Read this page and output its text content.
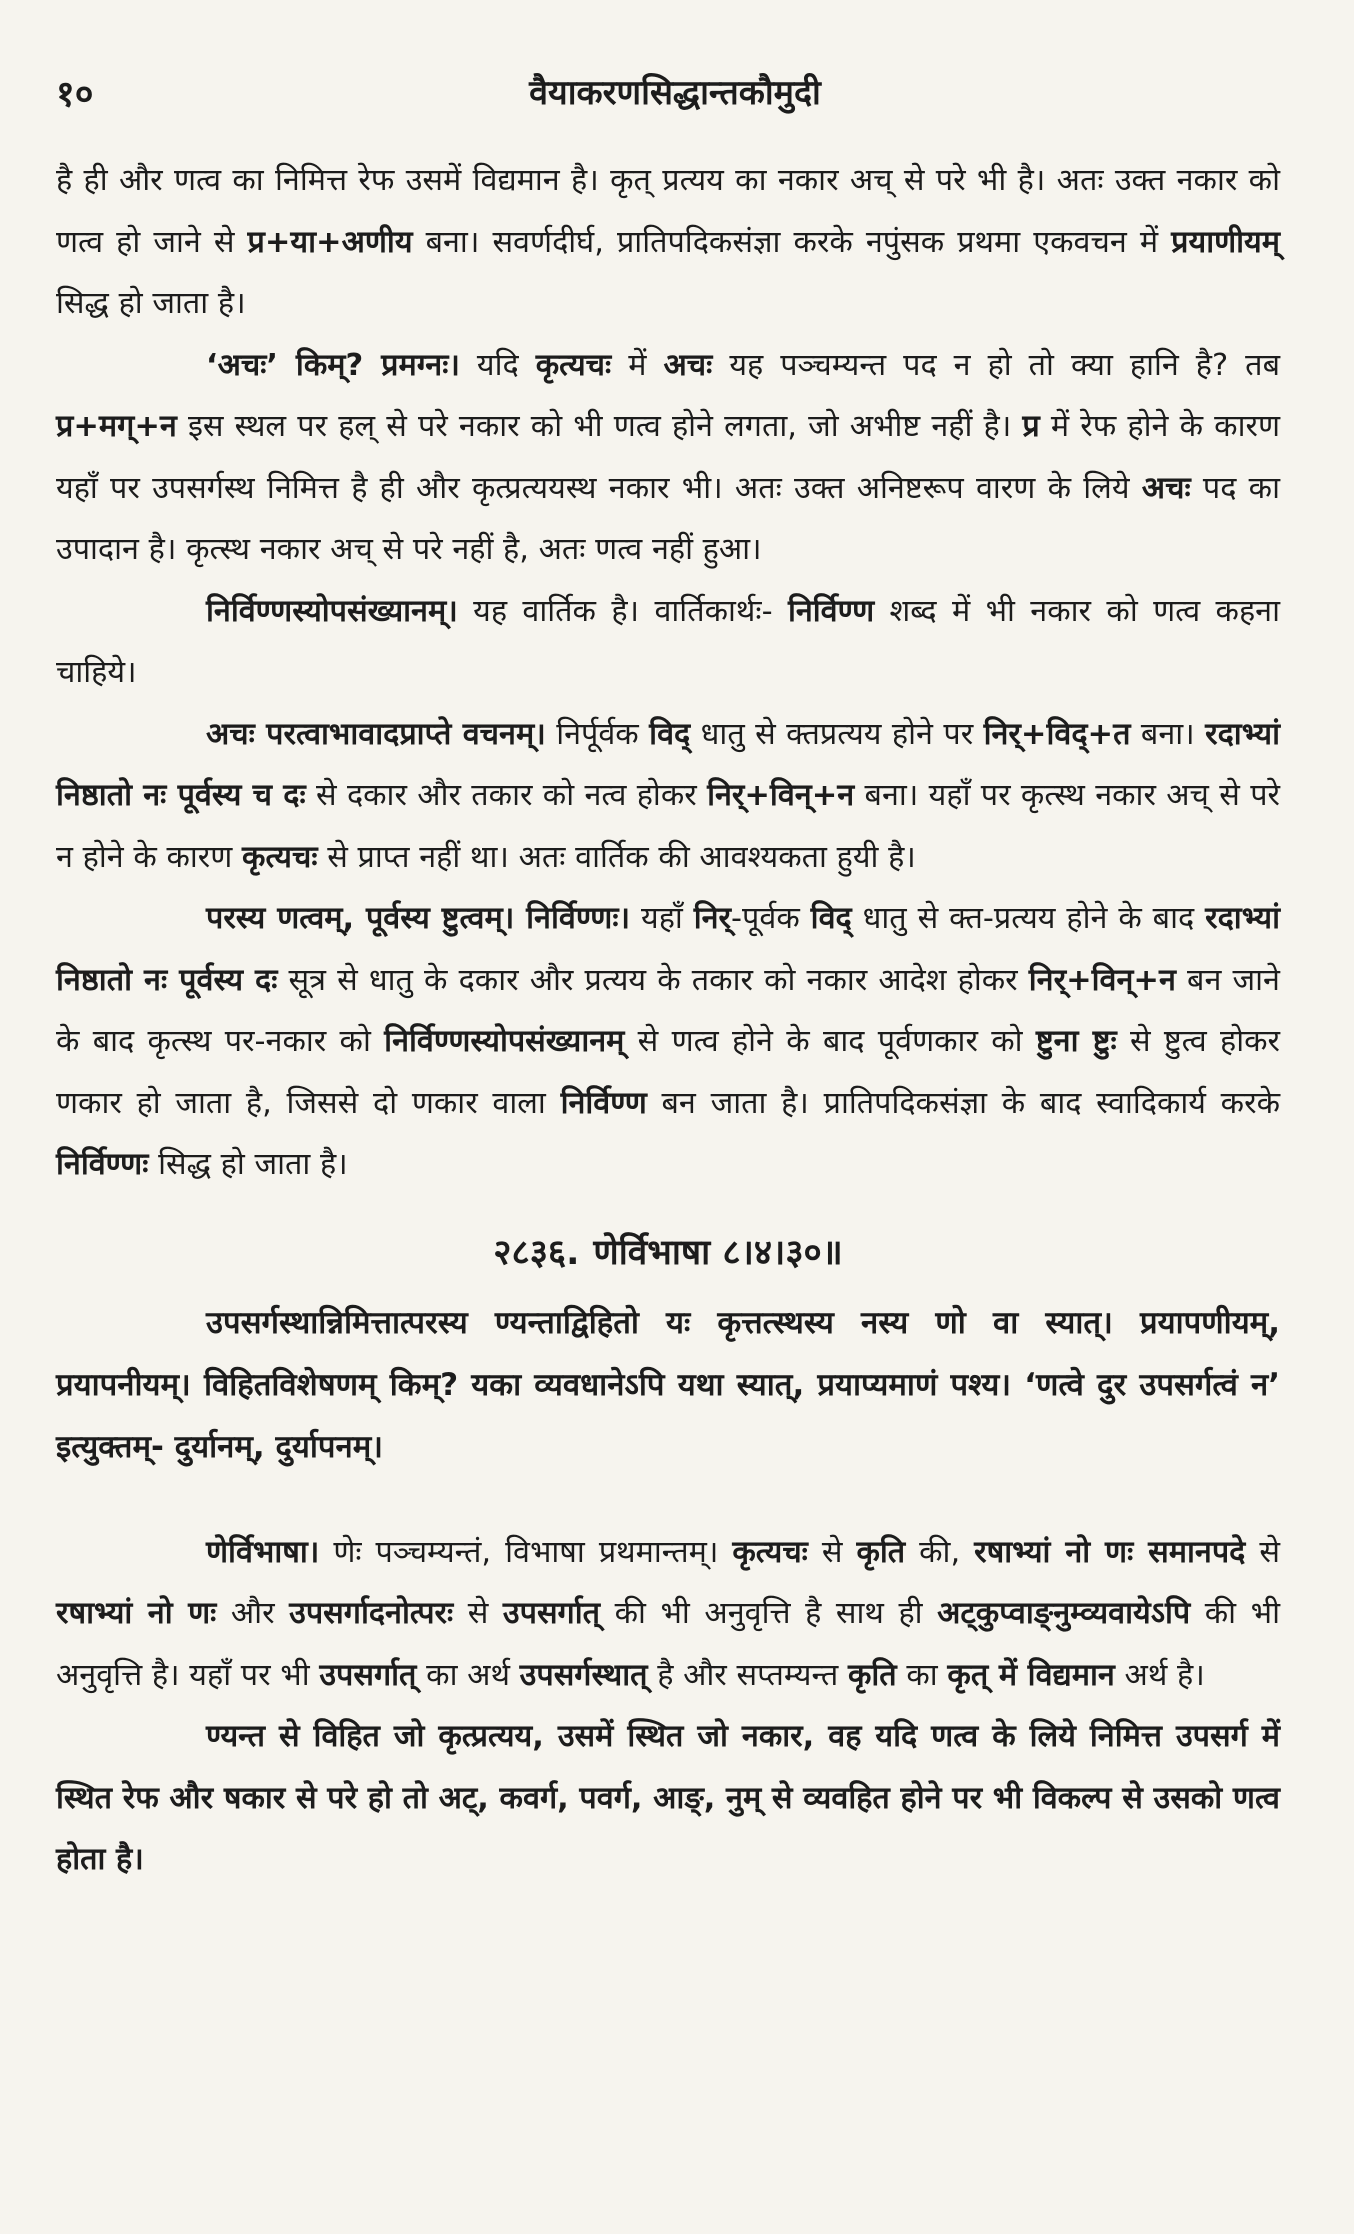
१०	वैयाकरणसिद्धान्तकौमुदी

है ही और णत्व का निमित्त रेफ उसमें विद्यमान है। कृत् प्रत्यय का नकार अच् से परे भी है। अतः उक्त नकार को णत्व हो जाने से प्र+या+अणीय बना। सवर्णदीर्घ, प्रातिपदिकसंज्ञा करके नपुंसक प्रथमा एकवचन में प्रयाणीयम् सिद्ध हो जाता है।

‘अचः’ किम्? प्रमग्नः। यदि कृत्यचः में अचः यह पञ्चम्यन्त पद न हो तो क्या हानि है? तब प्र+मग्+न इस स्थल पर हल् से परे नकार को भी णत्व होने लगता, जो अभीष्ट नहीं है। प्र में रेफ होने के कारण यहाँ पर उपसर्गस्थ निमित्त है ही और कृत्प्रत्ययस्थ नकार भी। अतः उक्त अनिष्टरूप वारण के लिये अचः पद का उपादान है। कृत्स्थ नकार अच् से परे नहीं है, अतः णत्व नहीं हुआ।

निर्विण्णस्योपसंख्यानम्। यह वार्तिक है। वार्तिकार्थः- निर्विण्ण शब्द में भी नकार को णत्व कहना चाहिये।

अचः परत्वाभावादप्राप्ते वचनम्। निर्पूर्वक विद् धातु से क्तप्रत्यय होने पर निर्+विद्+त बना। रदाभ्यां निष्ठातो नः पूर्वस्य च दः से दकार और तकार को नत्व होकर निर्+विन्+न बना। यहाँ पर कृत्स्थ नकार अच् से परे न होने के कारण कृत्यचः से प्राप्त नहीं था। अतः वार्तिक की आवश्यकता हुयी है।

परस्य णत्वम्, पूर्वस्य ष्टुत्वम्। निर्विण्णः। यहाँ निर्-पूर्वक विद् धातु से क्त-प्रत्यय होने के बाद रदाभ्यां निष्ठातो नः पूर्वस्य दः सूत्र से धातु के दकार और प्रत्यय के तकार को नकार आदेश होकर निर्+विन्+न बन जाने के बाद कृत्स्थ पर-नकार को निर्विण्णस्योपसंख्यानम् से णत्व होने के बाद पूर्वणकार को ष्टुना ष्टुः से ष्टुत्व होकर णकार हो जाता है, जिससे दो णकार वाला निर्विण्ण बन जाता है। प्रातिपदिकसंज्ञा के बाद स्वादिकार्य करके निर्विण्णः सिद्ध हो जाता है।

२८३६. णेर्विभाषा ८।४।३०॥

उपसर्गस्थान्निमित्तात्परस्य ण्यन्ताद्विहितो यः कृत्तत्स्थस्य नस्य णो वा स्यात्। प्रयापणीयम्, प्रयापनीयम्। विहितविशेषणम् किम्? यका व्यवधानेऽपि यथा स्यात्, प्रयाप्यमाणं पश्य। ‘णत्वे दुर उपसर्गत्वं न’ इत्युक्तम्- दुर्यानम्, दुर्यापनम्।

णेर्विभाषा। णेः पञ्चम्यन्तं, विभाषा प्रथमान्तम्। कृत्यचः से कृति की, रषाभ्यां नो णः समानपदे से रषाभ्यां नो णः और उपसर्गादनोत्परः से उपसर्गात् की भी अनुवृत्ति है साथ ही अट्कुप्वाङ्नुम्व्यवायेऽपि की भी अनुवृत्ति है। यहाँ पर भी उपसर्गात् का अर्थ उपसर्गस्थात् है और सप्तम्यन्त कृति का कृत् में विद्यमान अर्थ है।

ण्यन्त से विहित जो कृत्प्रत्यय, उसमें स्थित जो नकार, वह यदि णत्व के लिये निमित्त उपसर्ग में स्थित रेफ और षकार से परे हो तो अट्, कवर्ग, पवर्ग, आङ्, नुम् से व्यवहित होने पर भी विकल्प से उसको णत्व होता है।
